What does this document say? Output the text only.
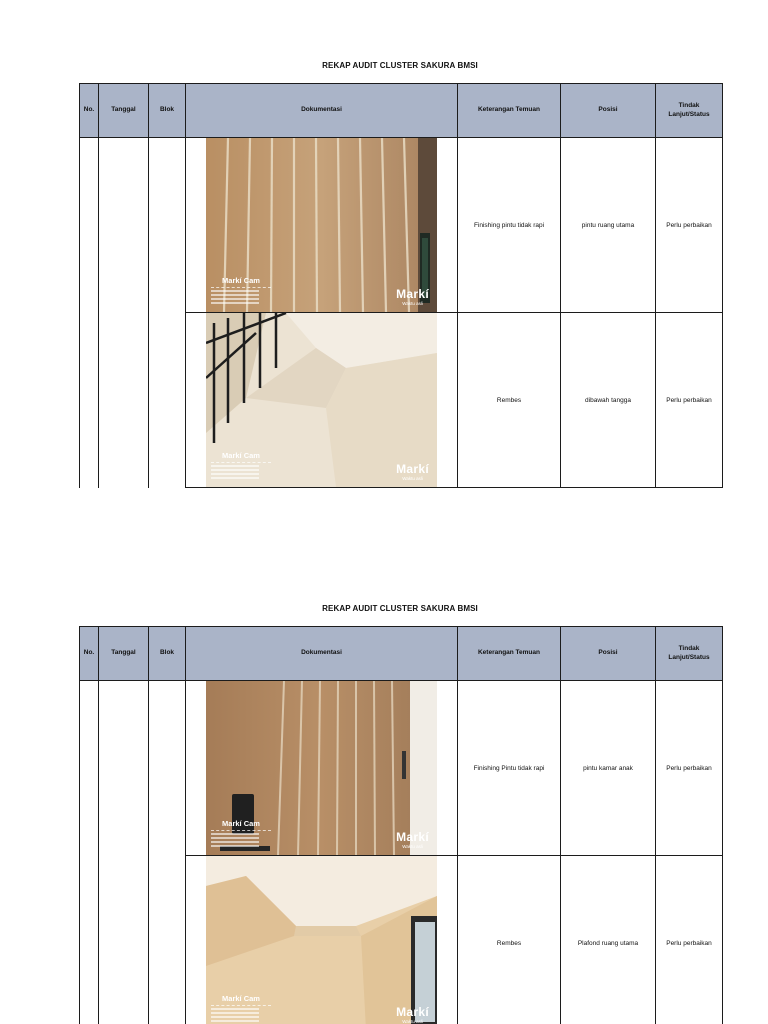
REKAP AUDIT CLUSTER SAKURA BMSI
No.	Tanggal	Blok	Dokumentasi	Keterangan Temuan	Posisi	Tindak Lanjut/Status

			Markí Cam
Markí
Waktu asli	Finishing pintu tidak rapi	pintu ruang utama	Perlu perbaikan

			Markí Cam
Markí
Waktu asli	Rembes	dibawah tangga	Perlu perbaikan
REKAP AUDIT CLUSTER SAKURA BMSI
No.	Tanggal	Blok	Dokumentasi	Keterangan Temuan	Posisi	Tindak Lanjut/Status

			Markí Cam
Markí
Waktu asli	Finishing Pintu tidak rapi	pintu kamar anak	Perlu perbaikan

			Markí Cam
Markí
Waktu asli	Rembes	Plafond ruang utama	Perlu perbaikan
